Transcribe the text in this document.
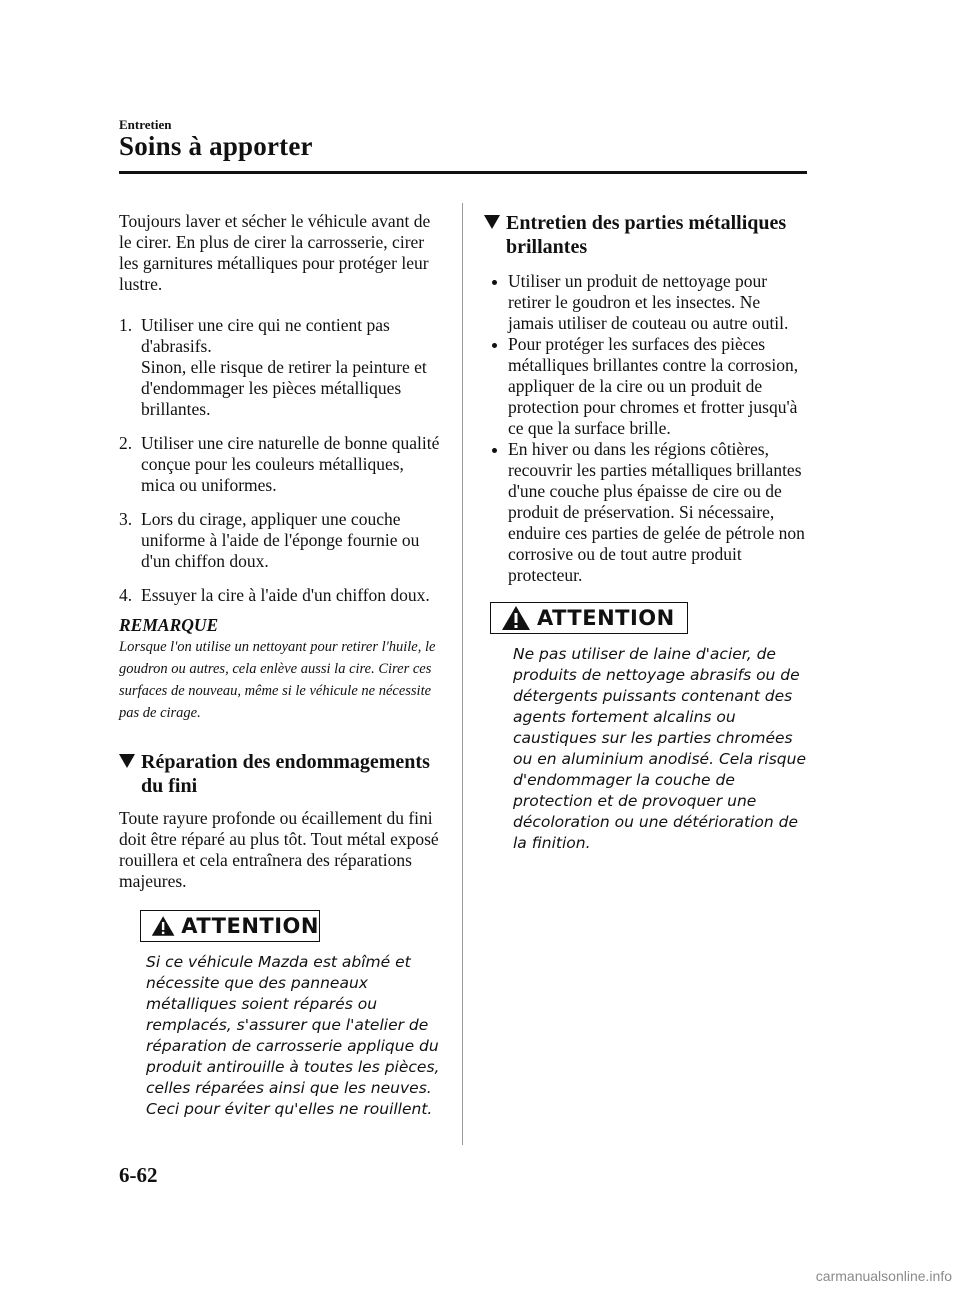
Entretien
Soins à apporter

Toujours laver et sécher le véhicule avant de le cirer. En plus de cirer la carrosserie, cirer les garnitures métalliques pour protéger leur lustre.

1. Utiliser une cire qui ne contient pas d'abrasifs.
Sinon, elle risque de retirer la peinture et d'endommager les pièces métalliques brillantes.
2. Utiliser une cire naturelle de bonne qualité conçue pour les couleurs métalliques, mica ou uniformes.
3. Lors du cirage, appliquer une couche uniforme à l'aide de l'éponge fournie ou d'un chiffon doux.
4. Essuyer la cire à l'aide d'un chiffon doux.

REMARQUE

Lorsque l'on utilise un nettoyant pour retirer l'huile, le goudron ou autres, cela enlève aussi la cire. Cirer ces surfaces de nouveau, même si le véhicule ne nécessite pas de cirage.

Réparation des endommagements du fini

Toute rayure profonde ou écaillement du fini doit être réparé au plus tôt. Tout métal exposé rouillera et cela entraînera des réparations majeures.

ATTENTION

Si ce véhicule Mazda est abîmé et nécessite que des panneaux métalliques soient réparés ou remplacés, s'assurer que l'atelier de réparation de carrosserie applique du produit antirouille à toutes les pièces, celles réparées ainsi que les neuves. Ceci pour éviter qu'elles ne rouillent.

Entretien des parties métalliques brillantes
Utiliser un produit de nettoyage pour retirer le goudron et les insectes. Ne jamais utiliser de couteau ou autre outil.
Pour protéger les surfaces des pièces métalliques brillantes contre la corrosion, appliquer de la cire ou un produit de protection pour chromes et frotter jusqu'à ce que la surface brille.
En hiver ou dans les régions côtières, recouvrir les parties métalliques brillantes d'une couche plus épaisse de cire ou de produit de préservation. Si nécessaire, enduire ces parties de gelée de pétrole non corrosive ou de tout autre produit protecteur.
ATTENTION

Ne pas utiliser de laine d'acier, de produits de nettoyage abrasifs ou de détergents puissants contenant des agents fortement alcalins ou caustiques sur les parties chromées ou en aluminium anodisé. Cela risque d'endommager la couche de protection et de provoquer une décoloration ou une détérioration de la finition.

6-62
carmanualsonline.info
